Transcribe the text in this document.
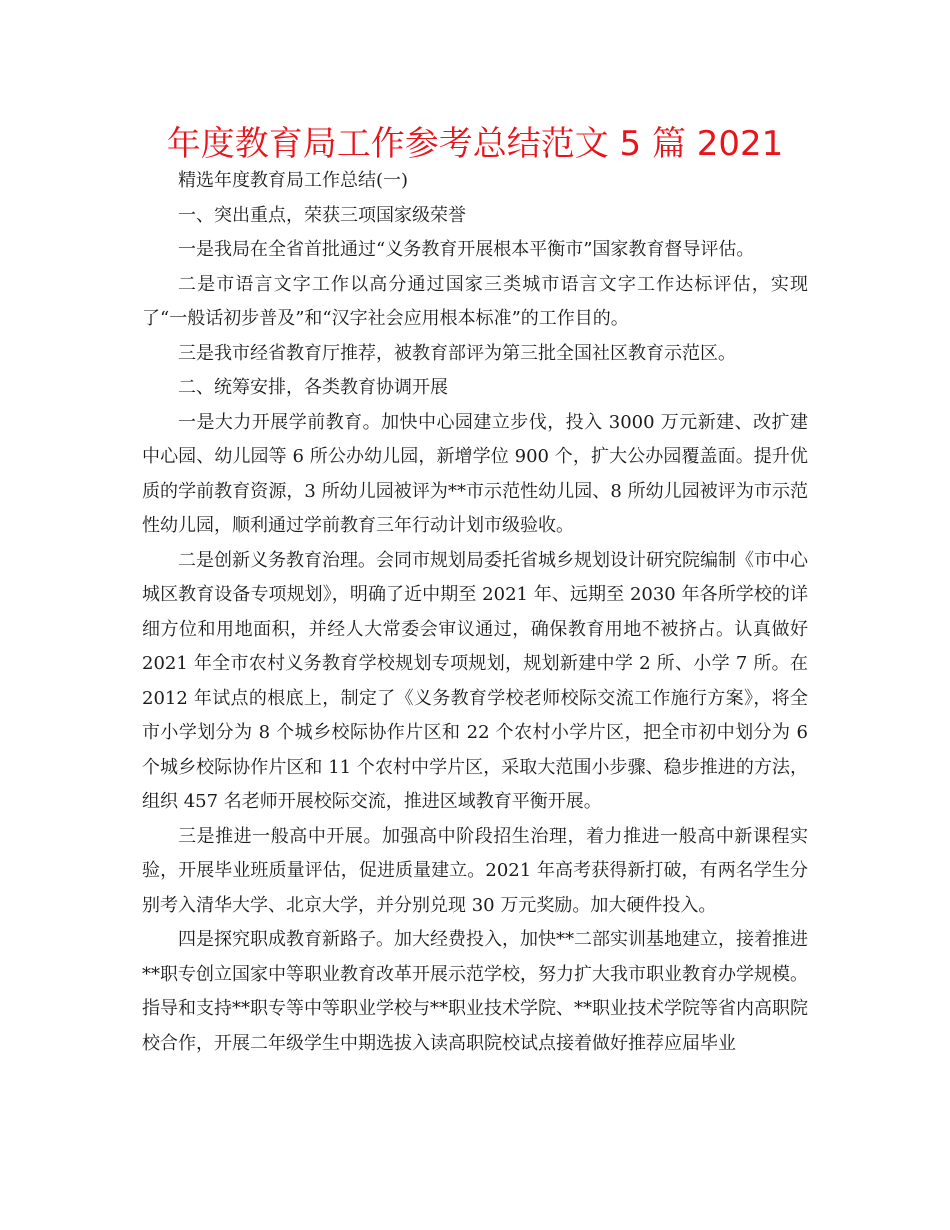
年度教育局工作参考总结范文 5 篇 2021

精选年度教育局工作总结(一)

一、突出重点，荣获三项国家级荣誉

一是我局在全省首批通过“义务教育开展根本平衡市”国家教育督导评估。

二是市语言文字工作以高分通过国家三类城市语言文字工作达标评估，实现了“一般话初步普及”和“汉字社会应用根本标准”的工作目的。

三是我市经省教育厅推荐，被教育部评为第三批全国社区教育示范区。

二、统筹安排，各类教育协调开展

一是大力开展学前教育。加快中心园建立步伐，投入 3000 万元新建、改扩建中心园、幼儿园等 6 所公办幼儿园，新增学位 900 个，扩大公办园覆盖面。提升优质的学前教育资源，3 所幼儿园被评为**市示范性幼儿园、8 所幼儿园被评为市示范性幼儿园，顺利通过学前教育三年行动计划市级验收。

二是创新义务教育治理。会同市规划局委托省城乡规划设计研究院编制《市中心城区教育设备专项规划》，明确了近中期至 2021 年、远期至 2030 年各所学校的详细方位和用地面积，并经人大常委会审议通过，确保教育用地不被挤占。认真做好 2021 年全市农村义务教育学校规划专项规划，规划新建中学 2 所、小学 7 所。在 2012 年试点的根底上，制定了《义务教育学校老师校际交流工作施行方案》，将全市小学划分为 8 个城乡校际协作片区和 22 个农村小学片区，把全市初中划分为 6 个城乡校际协作片区和 11 个农村中学片区，采取大范围小步骤、稳步推进的方法，组织 457 名老师开展校际交流，推进区域教育平衡开展。

三是推进一般高中开展。加强高中阶段招生治理，着力推进一般高中新课程实验，开展毕业班质量评估，促进质量建立。2021 年高考获得新打破，有两名学生分别考入清华大学、北京大学，并分别兑现 30 万元奖励。加大硬件投入。

四是探究职成教育新路子。加大经费投入，加快**二部实训基地建立，接着推进**职专创立国家中等职业教育改革开展示范学校，努力扩大我市职业教育办学规模。指导和支持**职专等中等职业学校与**职业技术学院、**职业技术学院等省内高职院校合作，开展二年级学生中期选拔入读高职院校试点接着做好推荐应届毕业
